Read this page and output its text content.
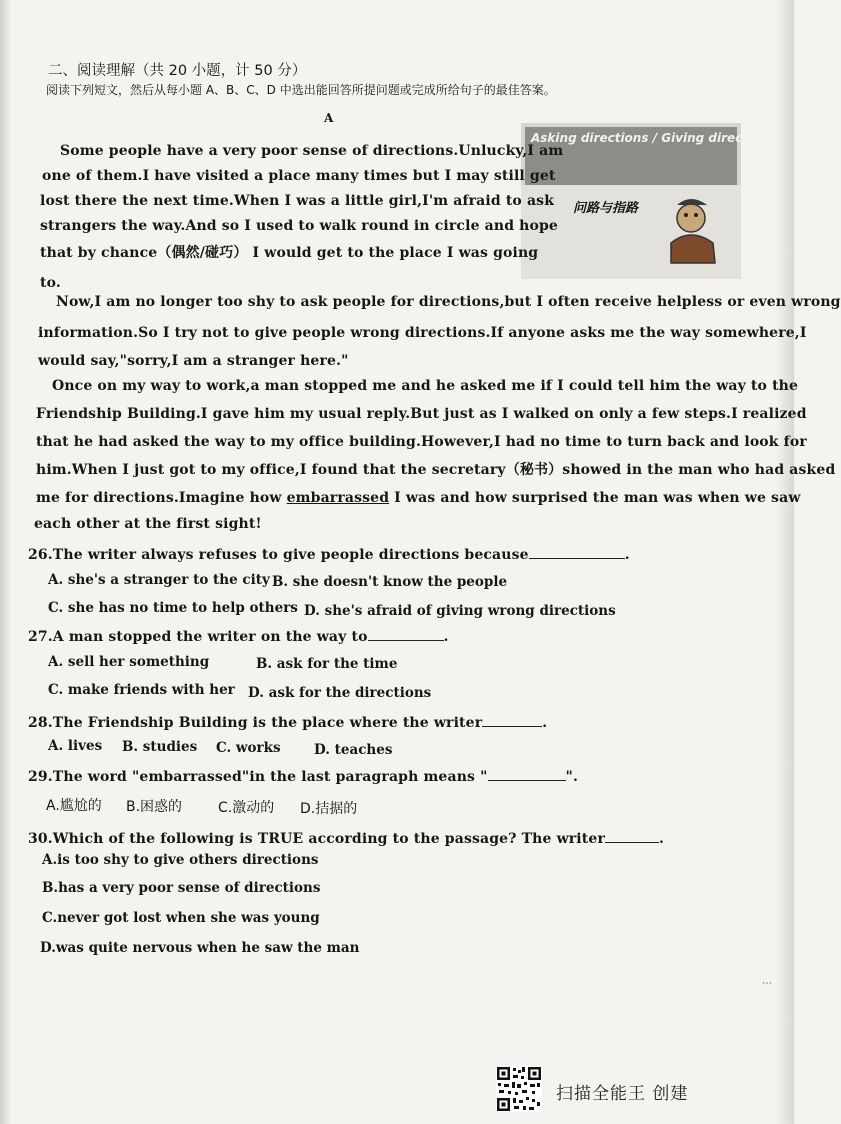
二、阅读理解（共 20 小题，计 50 分）
阅读下列短文，然后从每小题 A、B、C、D 中选出能回答所提问题或完成所给句子的最佳答案。
A
Asking directions / Giving directions
问路与指路
Some people have a very poor sense of directions.Unlucky,I am
one of them.I have visited a place many times but I may still get
lost there the next time.When I was a little girl,I'm afraid to ask
strangers the way.And so I used to walk round in circle and hope
that by chance（偶然/碰巧） I would get to the place I was going
to.
Now,I am no longer too shy to ask people for directions,but I often receive helpless or even wrong
information.So I try not to give people wrong directions.If anyone asks me the way somewhere,I
would say,"sorry,I am a stranger here."
Once on my way to work,a man stopped me and he asked me if I could tell him the way to the
Friendship Building.I gave him my usual reply.But just as I walked on only a few steps.I realized
that he had asked the way to my office building.However,I had no time to turn back and look for
him.When I just got to my office,I found that the secretary（秘书）showed in the man who had asked
me for directions.Imagine how embarrassed I was and how surprised the man was when we saw
each other at the first sight!
26.The writer always refuses to give people directions because	.
A. she's a stranger to the city B. she doesn't know the people
C. she has no time to help others D. she's afraid of giving wrong directions
27.A man stopped the writer on the way to	.
A. sell her something	B. ask for the time
C. make friends with her D. ask for the directions
28.The Friendship Building is the place where the writer	.
A. lives B. studies C. works D. teaches
29.The word "embarrassed"in the last paragraph means "	".
A.尴尬的 B.困惑的	C.激动的 D.拮据的
30.Which of the following is TRUE according to the passage? The writer	.
A.is too shy to give others directions
B.has a very poor sense of directions
C.never got lost when she was young
D.was quite nervous when he saw the man
扫描全能王 创建
⋯
